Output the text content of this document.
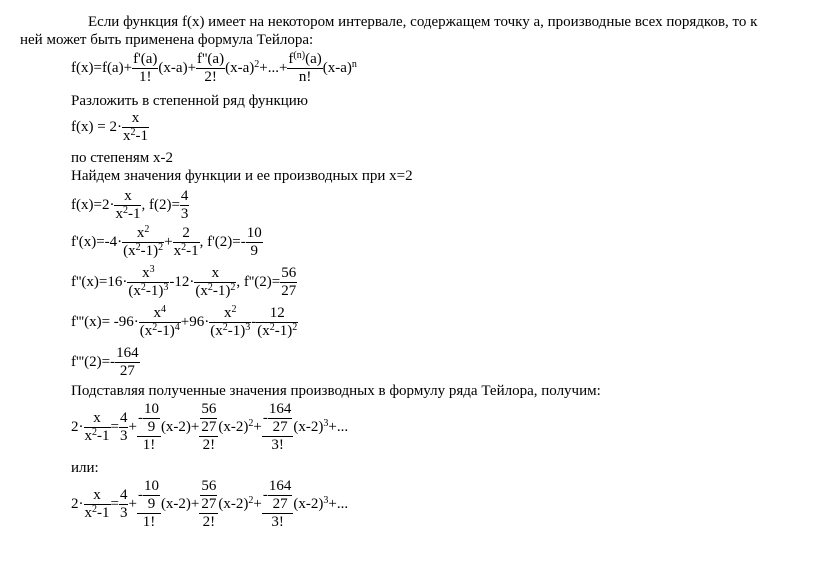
Если функция f(x) имеет на некотором интервале, содержащем точку a, производные всех порядков, то к
ней может быть применена формула Тейлора:
$f(x)=f(a)+ \frac{f'(a)}{1!} (x-a)+ \frac{f''(a)}{2!} (x-a)^2+...+ \frac{f^{(n)}(a)}{n!} (x-a)^n$
Разложить в степенной ряд функцию
$f(x) = 2\cdot \frac{x}{x^2-1}$
по степеням x-2
Найдем значения функции и ее производных при x=2
$f(x)=2\cdot \frac{x}{x^2-1}$ , $f(2)= \frac{4}{3}$
$f'(x)=-4\cdot \frac{x^2}{(x^2-1)^2} + \frac{2}{x^2-1}$ , $f'(2)=- \frac{10}{9}$
$f''(x)=16\cdot \frac{x^3}{(x^2-1)^3} -12\cdot \frac{x}{(x^2-1)^2}$ , $f''(2)= \frac{56}{27}$
$f'''(x)= -96\cdot \frac{x^4}{(x^2-1)^4} +96\cdot \frac{x^2}{(x^2-1)^3} - \frac{12}{(x^2-1)^2}$
$f'''(2)=- \frac{164}{27}$
Подставляя полученные значения производных в формулу ряда Тейлора, получим:
$2\cdot \frac{x}{x^2-1} = \frac{4}{3} + \frac{- \frac{10}{9}}{1!} (x-2)+ \frac{\frac{56}{27}}{2!} (x-2)^2+ \frac{- \frac{164}{27}}{3!} (x-2)^3+$...
или:
$2\cdot \frac{x}{x^2-1} = \frac{4}{3} + \frac{- \frac{10}{9}}{1!} (x-2)+ \frac{\frac{56}{27}}{2!} (x-2)^2+ \frac{- \frac{164}{27}}{3!} (x-2)^3+$...
